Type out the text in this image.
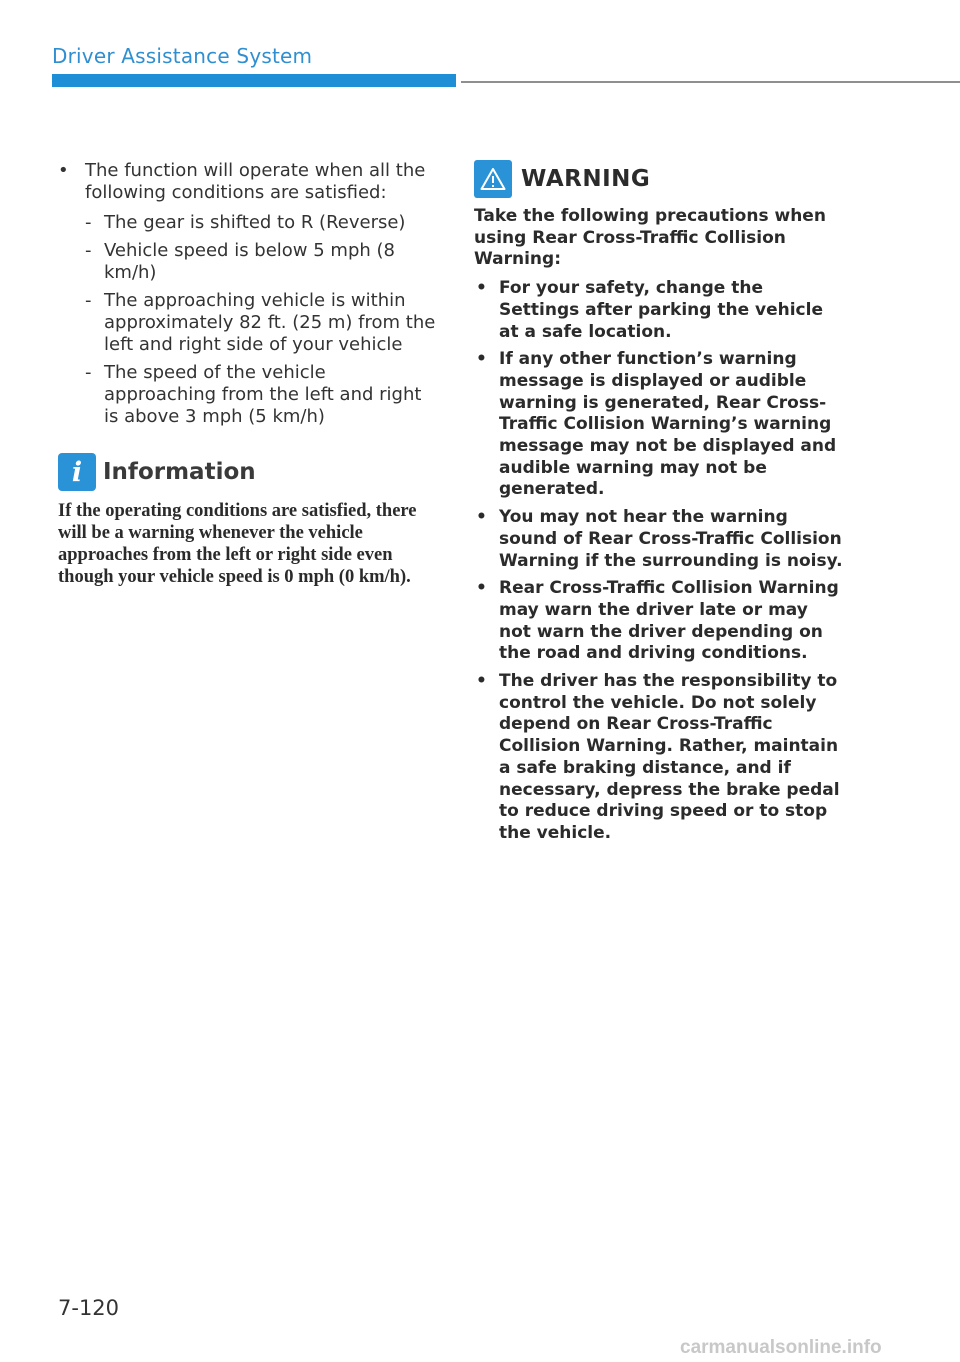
Driver Assistance System
• The function will operate when all the following conditions are satisfied:
- The gear is shifted to R (Reverse)
- Vehicle speed is below 5 mph (8 km/h)
- The approaching vehicle is within approximately 82 ft. (25 m) from the left and right side of your vehicle
- The speed of the vehicle approaching from the left and right is above 3 mph (5 km/h)
i Information
If the operating conditions are satisfied, there will be a warning whenever the vehicle approaches from the left or right side even though your vehicle speed is 0 mph (0 km/h).
WARNING
Take the following precautions when using Rear Cross-Traffic Collision Warning:
• For your safety, change the Settings after parking the vehicle at a safe location.
• If any other function’s warning message is displayed or audible warning is generated, Rear Cross-Traffic Collision Warning’s warning message may not be displayed and audible warning may not be generated.
• You may not hear the warning sound of Rear Cross-Traffic Collision Warning if the surrounding is noisy.
• Rear Cross-Traffic Collision Warning may warn the driver late or may not warn the driver depending on the road and driving conditions.
• The driver has the responsibility to control the vehicle. Do not solely depend on Rear Cross-Traffic Collision Warning. Rather, maintain a safe braking distance, and if necessary, depress the brake pedal to reduce driving speed or to stop the vehicle.
7-120
carmanualsonline.info
